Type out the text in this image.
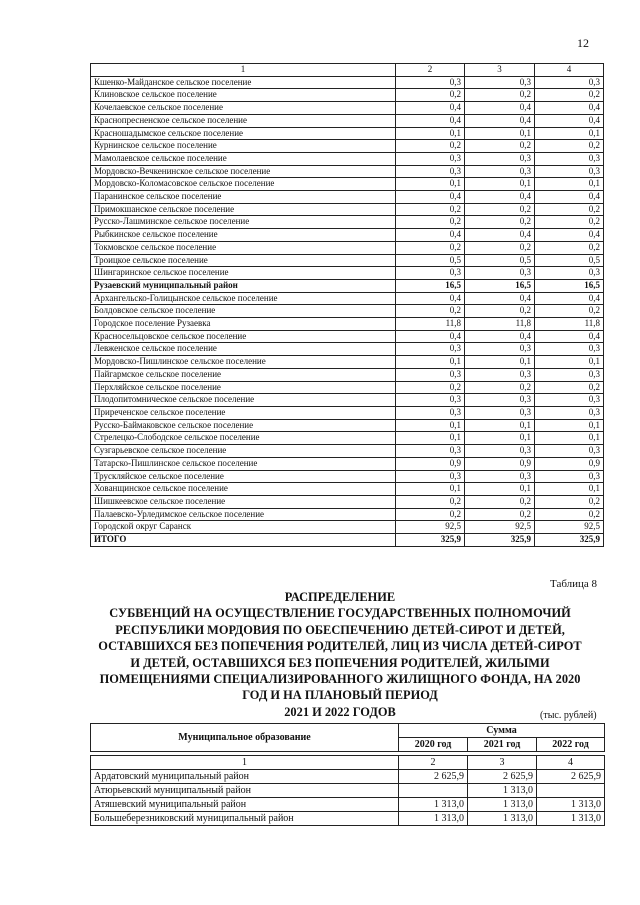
12
1	2	3	4
Кшенко-Майданское сельское поселение	0,3	0,3	0,3
Клиновское сельское поселение	0,2	0,2	0,2
Кочелаевское сельское поселение	0,4	0,4	0,4
Краснопресненское сельское поселение	0,4	0,4	0,4
Красношадымское сельское поселение	0,1	0,1	0,1
Курнинское сельское поселение	0,2	0,2	0,2
Мамолаевское сельское поселение	0,3	0,3	0,3
Мордовско-Вечкенинское сельское поселение	0,3	0,3	0,3
Мордовско-Коломасовское сельское поселение	0,1	0,1	0,1
Паранинское сельское поселение	0,4	0,4	0,4
Примокшанское сельское поселение	0,2	0,2	0,2
Русско-Лашминское сельское поселение	0,2	0,2	0,2
Рыбкинское сельское поселение	0,4	0,4	0,4
Токмовское сельское поселение	0,2	0,2	0,2
Троицкое сельское поселение	0,5	0,5	0,5
Шингаринское сельское поселение	0,3	0,3	0,3
Рузаевский муниципальный район	16,5	16,5	16,5
Архангельско-Голицынское сельское поселение	0,4	0,4	0,4
Болдовское сельское поселение	0,2	0,2	0,2
Городское поселение Рузаевка	11,8	11,8	11,8
Красносельцовское сельское поселение	0,4	0,4	0,4
Левженское сельское поселение	0,3	0,3	0,3
Мордовско-Пишлинское сельское поселение	0,1	0,1	0,1
Пайгармское сельское поселение	0,3	0,3	0,3
Перхляйское сельское поселение	0,2	0,2	0,2
Плодопитомническое сельское поселение	0,3	0,3	0,3
Приреченское сельское поселение	0,3	0,3	0,3
Русско-Баймаковское сельское поселение	0,1	0,1	0,1
Стрелецко-Слободское сельское поселение	0,1	0,1	0,1
Сузгарьевское сельское поселение	0,3	0,3	0,3
Татарско-Пишлинское сельское поселение	0,9	0,9	0,9
Трускляйское сельское поселение	0,3	0,3	0,3
Хованщинское сельское поселение	0,1	0,1	0,1
Шишкеевское сельское поселение	0,2	0,2	0,2
Палаевско-Урледимское сельское поселение	0,2	0,2	0,2
Городской округ Саранск	92,5	92,5	92,5
ИТОГО	325,9	325,9	325,9
Таблица 8
РАСПРЕДЕЛЕНИЕ
СУБВЕНЦИЙ НА ОСУЩЕСТВЛЕНИЕ ГОСУДАРСТВЕННЫХ ПОЛНОМОЧИЙ
РЕСПУБЛИКИ МОРДОВИЯ ПО ОБЕСПЕЧЕНИЮ ДЕТЕЙ-СИРОТ И ДЕТЕЙ,
ОСТАВШИХСЯ БЕЗ ПОПЕЧЕНИЯ РОДИТЕЛЕЙ, ЛИЦ ИЗ ЧИСЛА ДЕТЕЙ-СИРОТ
И ДЕТЕЙ, ОСТАВШИХСЯ БЕЗ ПОПЕЧЕНИЯ РОДИТЕЛЕЙ, ЖИЛЫМИ
ПОМЕЩЕНИЯМИ СПЕЦИАЛИЗИРОВАННОГО ЖИЛИЩНОГО ФОНДА, НА 2020
ГОД И НА ПЛАНОВЫЙ ПЕРИОД
2021 И 2022 ГОДОВ	(тыс. рублей)
Муниципальное образование	Сумма		
	2020 год	2021 год	2022 год

1	2	3	4
Ардатовский муниципальный район	2 625,9	2 625,9	2 625,9
Атюрьевский муниципальный район		1 313,0	
Атяшевский муниципальный район	1 313,0	1 313,0	1 313,0
Большеберезниковский муниципальный район	1 313,0	1 313,0	1 313,0
